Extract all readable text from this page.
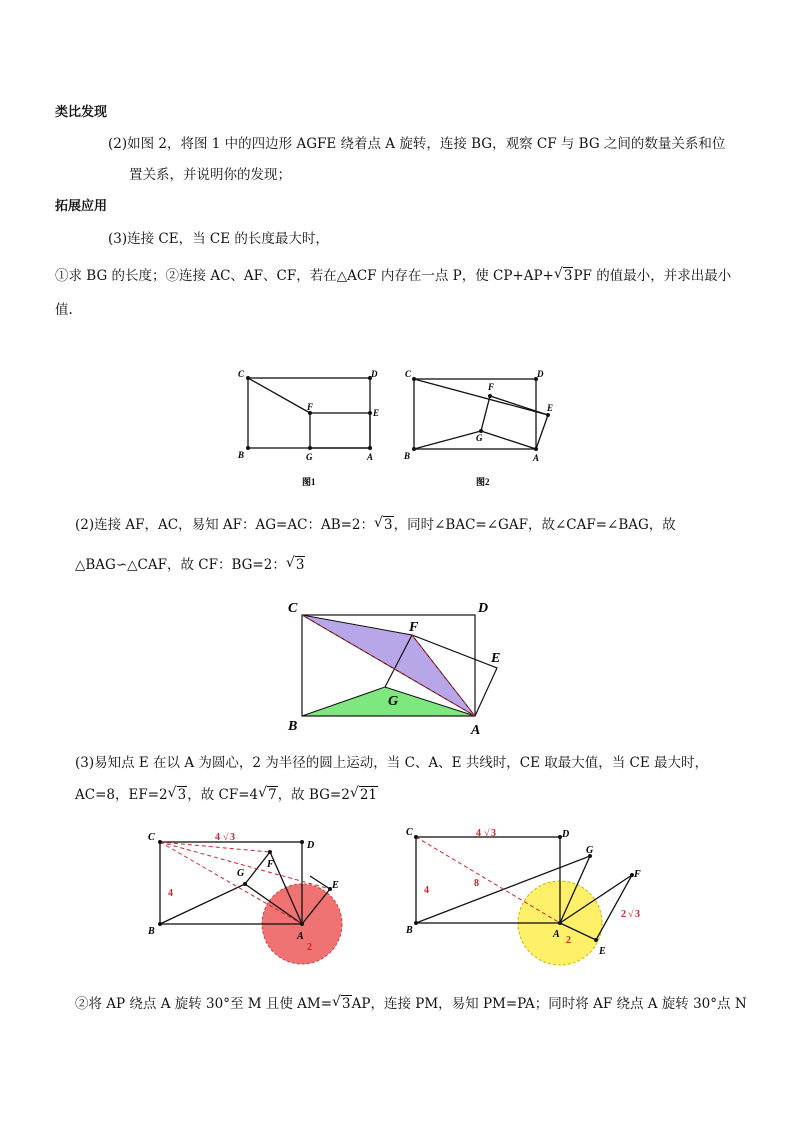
类比发现
(2)如图 2，将图 1 中的四边形 AGFE 绕着点 A 旋转，连接 BG，观察 CF 与 BG 之间的数量关系和位
置关系，并说明你的发现；
拓展应用
(3)连接 CE，当 CE 的长度最大时，
①求 BG 的长度；②连接 AC、AF、CF，若在△ACF 内存在一点 P，使 CP+AP+ √ 3PF 的值最小，并求出最小
值.
C	D
F
E
B	G	A
图1
C	D
F
E
G
B	A
图2
(2)连接 AF，AC，易知 AF：AG=AC：AB=2： √ 3，同时∠BAC=∠GAF，故∠CAF=∠BAG，故
△BAG∽△CAF，故 CF：BG=2： √ 3
C	D
F
E
G
B	A
(3)易知点 E 在以 A 为圆心，2 为半径的圆上运动，当 C、A、E 共线时，CE 取最大值，当 CE 最大时，
AC=8，EF=2 √ 3，故 CF=4 √ 7，故 BG=2 √ 21
C
D
F
G
E
B	A
4 √ 3
4
2
C	D
G
F
B	A
E
4 √ 3
4
8
2
2 √ 3
②将 AP 绕点 A 旋转 30°至 M 且使 AM= √ 3AP，连接 PM，易知 PM=PA；同时将 AF 绕点 A 旋转 30°点 N
